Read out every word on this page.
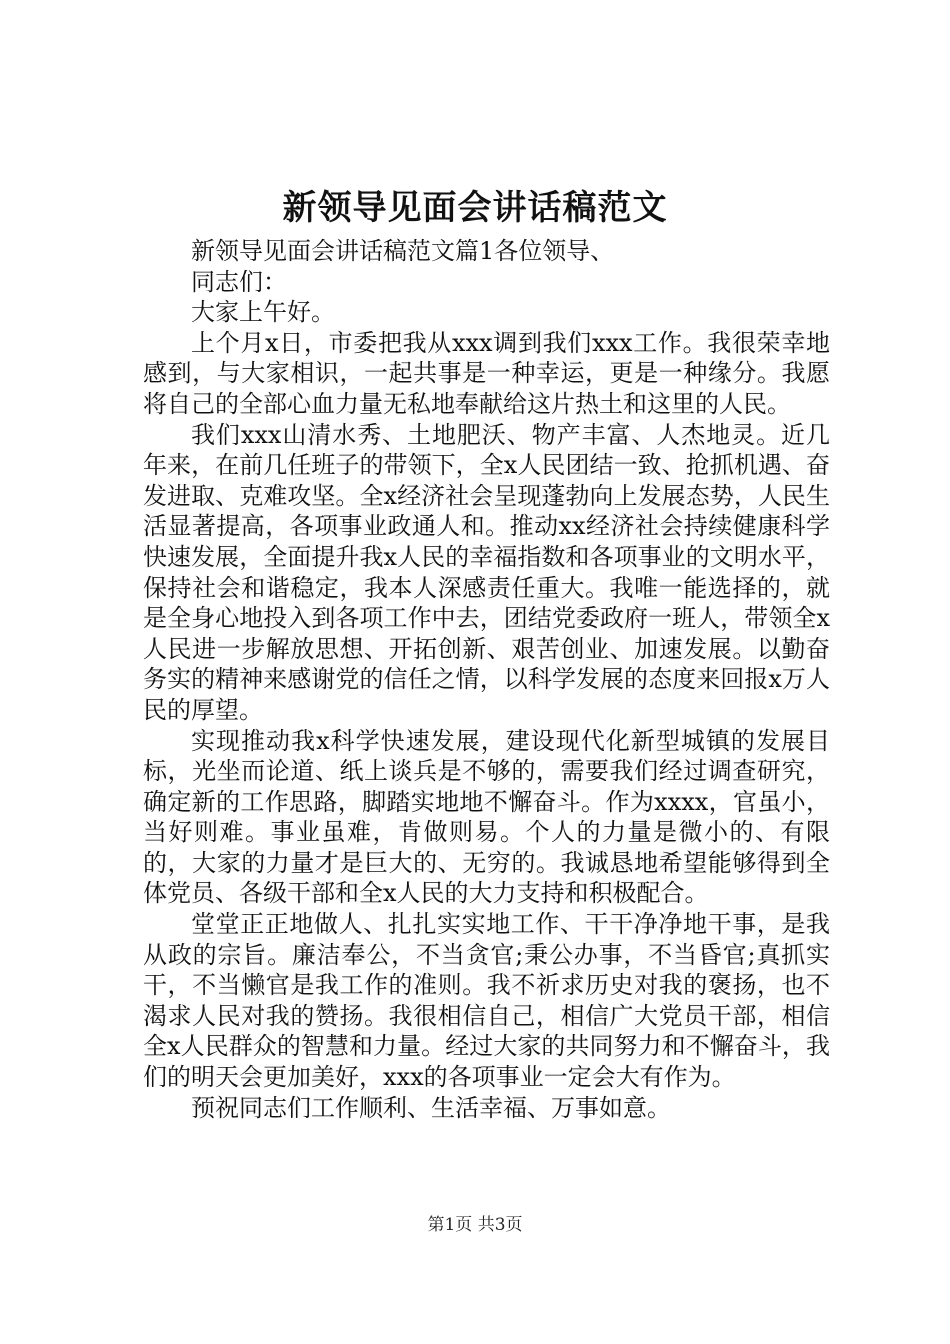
新领导见面会讲话稿范文

新领导见面会讲话稿范文篇1各位领导、

同志们：

大家上午好。

上个月x日，市委把我从xxx调到我们xxx工作。我很荣幸地感到，与大家相识，一起共事是一种幸运，更是一种缘分。我愿将自己的全部心血力量无私地奉献给这片热土和这里的人民。

我们xxx山清水秀、土地肥沃、物产丰富、人杰地灵。近几年来，在前几任班子的带领下，全x人民团结一致、抢抓机遇、奋发进取、克难攻坚。全x经济社会呈现蓬勃向上发展态势，人民生活显著提高，各项事业政通人和。推动xx经济社会持续健康科学快速发展，全面提升我x人民的幸福指数和各项事业的文明水平，保持社会和谐稳定，我本人深感责任重大。我唯一能选择的，就是全身心地投入到各项工作中去，团结党委政府一班人，带领全x人民进一步解放思想、开拓创新、艰苦创业、加速发展。以勤奋务实的精神来感谢党的信任之情，以科学发展的态度来回报x万人民的厚望。

实现推动我x科学快速发展，建设现代化新型城镇的发展目标，光坐而论道、纸上谈兵是不够的，需要我们经过调查研究，确定新的工作思路，脚踏实地地不懈奋斗。作为xxxx，官虽小，当好则难。事业虽难，肯做则易。个人的力量是微小的、有限的，大家的力量才是巨大的、无穷的。我诚恳地希望能够得到全体党员、各级干部和全x人民的大力支持和积极配合。

堂堂正正地做人、扎扎实实地工作、干干净净地干事，是我从政的宗旨。廉洁奉公，不当贪官;秉公办事，不当昏官;真抓实干，不当懒官是我工作的准则。我不祈求历史对我的褒扬，也不渴求人民对我的赞扬。我很相信自己，相信广大党员干部，相信全x人民群众的智慧和力量。经过大家的共同努力和不懈奋斗，我们的明天会更加美好，xxx的各项事业一定会大有作为。

预祝同志们工作顺利、生活幸福、万事如意。

第1页 共3页
